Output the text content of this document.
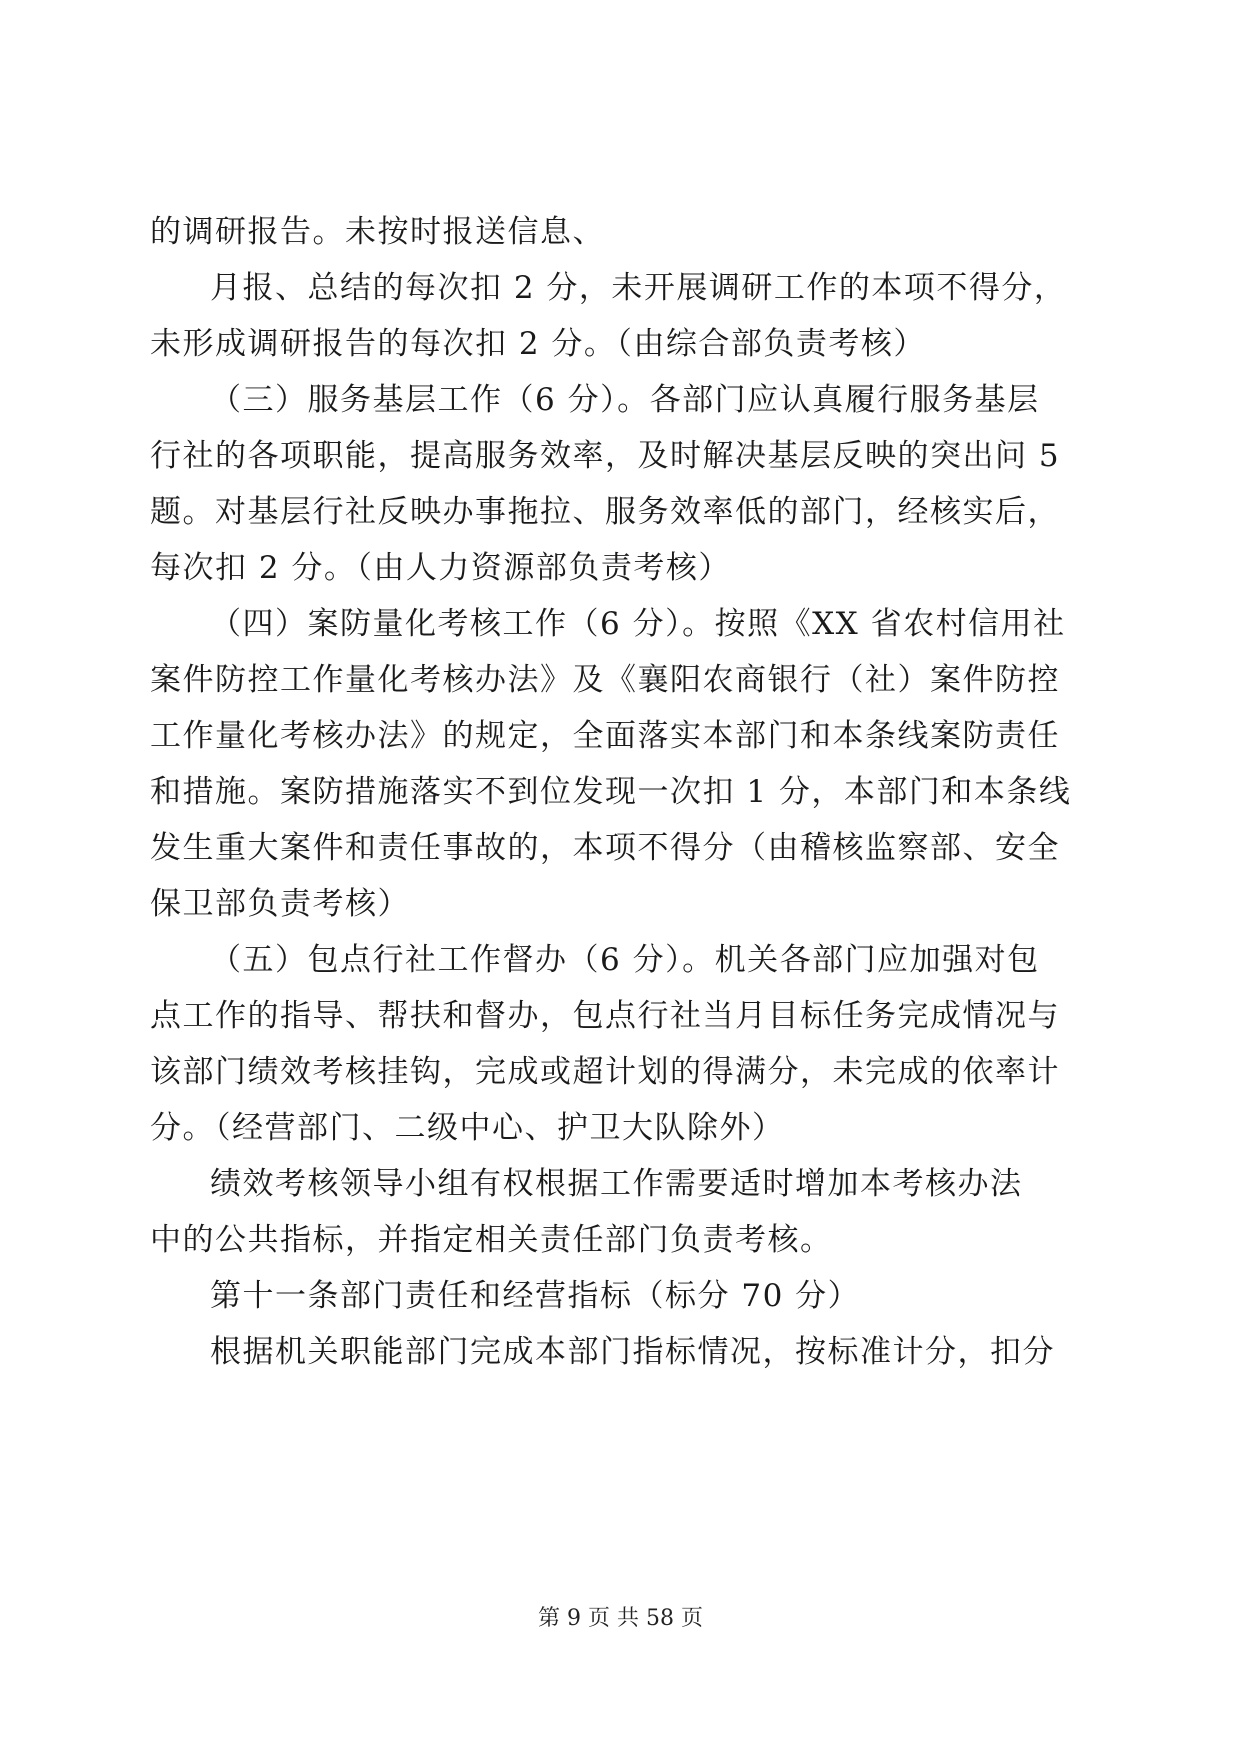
的调研报告。未按时报送信息、
月报、总结的每次扣 2 分，未开展调研工作的本项不得分，
未形成调研报告的每次扣 2 分。（由综合部负责考核）
（三）服务基层工作（6 分）。各部门应认真履行服务基层
行社的各项职能，提高服务效率，及时解决基层反映的突出问 5
题。对基层行社反映办事拖拉、服务效率低的部门，经核实后，
每次扣 2 分。（由人力资源部负责考核）
（四）案防量化考核工作（6 分）。按照《XX 省农村信用社
案件防控工作量化考核办法》及《襄阳农商银行（社）案件防控
工作量化考核办法》的规定，全面落实本部门和本条线案防责任
和措施。案防措施落实不到位发现一次扣 1 分，本部门和本条线
发生重大案件和责任事故的，本项不得分（由稽核监察部、安全
保卫部负责考核）
（五）包点行社工作督办（6 分）。机关各部门应加强对包
点工作的指导、帮扶和督办，包点行社当月目标任务完成情况与
该部门绩效考核挂钩，完成或超计划的得满分，未完成的依率计
分。（经营部门、二级中心、护卫大队除外）
绩效考核领导小组有权根据工作需要适时增加本考核办法
中的公共指标，并指定相关责任部门负责考核。
第十一条部门责任和经营指标（标分 70 分）
根据机关职能部门完成本部门指标情况，按标准计分，扣分
第 9 页 共 58 页
